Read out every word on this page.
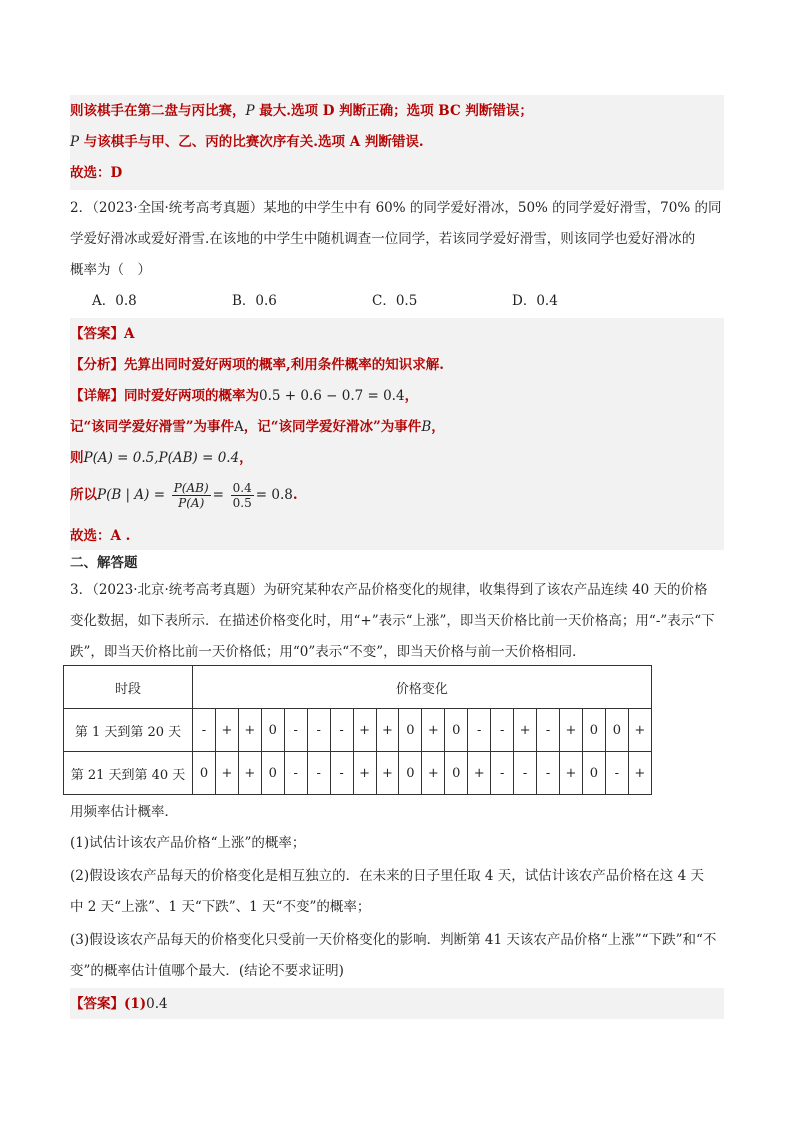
则该棋手在第二盘与丙比赛，P 最大.选项 D 判断正确；选项 BC 判断错误；
P 与该棋手与甲、乙、丙的比赛次序有关.选项 A 判断错误.
故选：D
2．（2023·全国·统考高考真题）某地的中学生中有 60% 的同学爱好滑冰，50% 的同学爱好滑雪，70% 的同
学爱好滑冰或爱好滑雪.在该地的中学生中随机调查一位同学，若该同学爱好滑雪，则该同学也爱好滑冰的
概率为（　）
A．0.8	B．0.6	C．0.5	D．0.4
【答案】A
【分析】先算出同时爱好两项的概率,利用条件概率的知识求解.
【详解】同时爱好两项的概率为0.5 + 0.6 − 0.7 = 0.4，
记“该同学爱好滑雪”为事件A，记“该同学爱好滑冰”为事件B，
则P(A) = 0.5,P(AB) = 0.4，
所以P(B | $A) = \frac{P(AB)}{P(A)} = \frac{0.4}{0.5} = 0.8$.
故选：A .
二、解答题
3．（2023·北京·统考高考真题）为研究某种农产品价格变化的规律，收集得到了该农产品连续 40 天的价格
变化数据，如下表所示．在描述价格变化时，用“+”表示“上涨”，即当天价格比前一天价格高；用“-”表示“下
跌”，即当天价格比前一天价格低；用“0”表示“不变”，即当天价格与前一天价格相同．
时段	价格变化																			
第 1 天到第 20 天	-	+	+	0	-	-	-	+	+	0	+	0	-	-	+	-	+	0	0	+
第 21 天到第 40 天	0	+	+	0	-	-	-	+	+	0	+	0	+	-	-	-	+	0	-	+
用频率估计概率．
(1)试估计该农产品价格“上涨”的概率；
(2)假设该农产品每天的价格变化是相互独立的．在未来的日子里任取 4 天，试估计该农产品价格在这 4 天
中 2 天“上涨”、1 天“下跌”、1 天“不变”的概率；
(3)假设该农产品每天的价格变化只受前一天价格变化的影响．判断第 41 天该农产品价格“上涨”“下跌”和“不
变”的概率估计值哪个最大．(结论不要求证明)
【答案】(1)0.4
